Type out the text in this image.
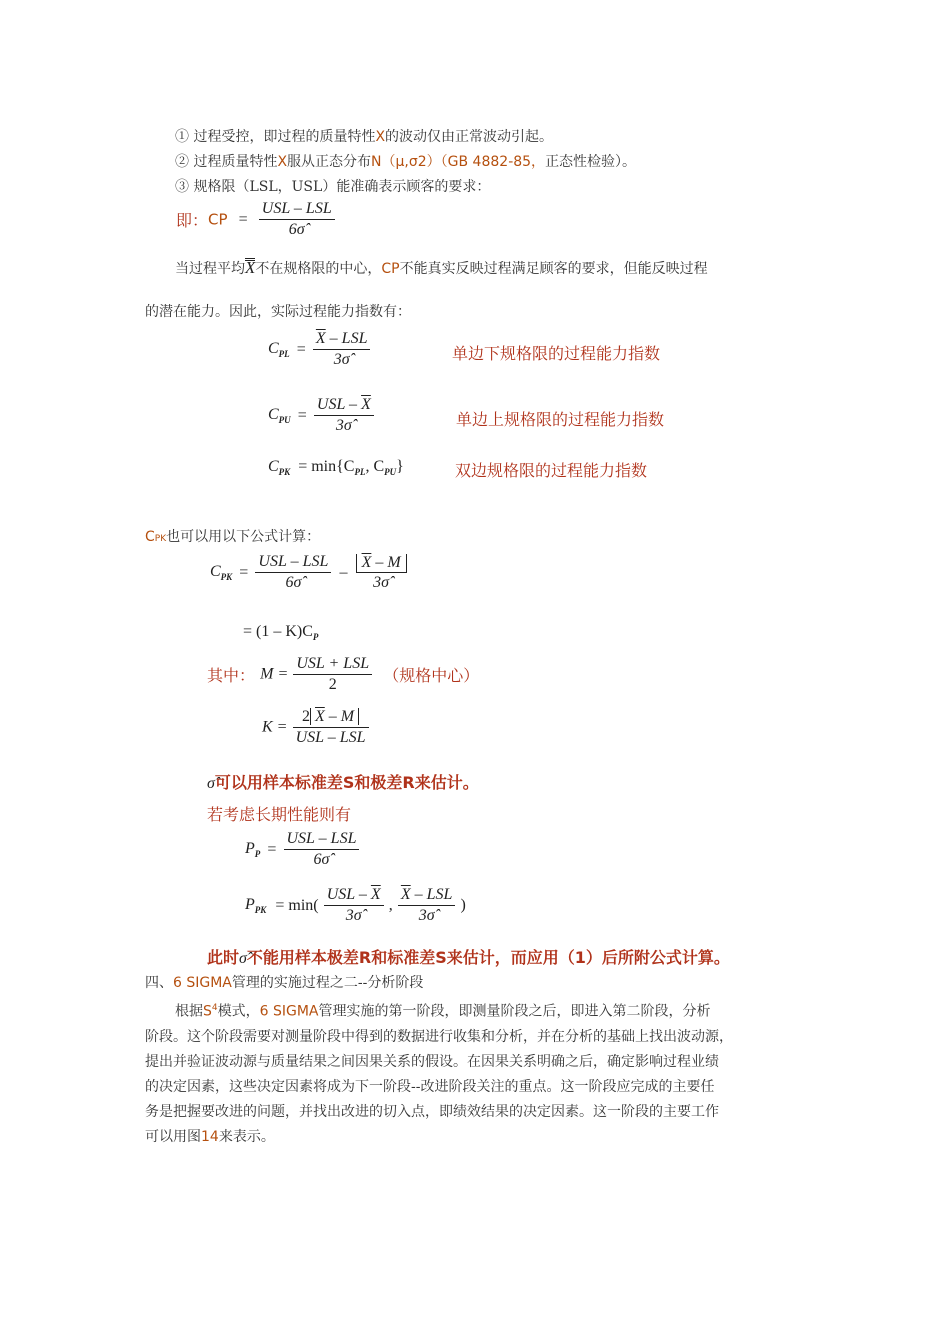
① 过程受控，即过程的质量特性X的波动仅由正常波动引起。
② 过程质量特性X服从正态分布N（μ,σ2）（GB 4882-85，正态性检验）。
③ 规格限（LSL，USL）能准确表示顾客的要求：
即：CP = $\frac{\text{USL – LSL}}{6\sigmâ}$
当过程平均X不在规格限的中心，CP不能真实反映过程满足顾客的要求，但能反映过程
的潜在能力。因此，实际过程能力指数有：
$C_{PL} = \frac{\overline{X} - LSL}{3\sigmâ}$	单边下规格限的过程能力指数
$C_{PU} = \frac{USL - \overline{X}}{3\sigmâ}$	单边上规格限的过程能力指数
$C_{PK} = \min\{C_{PL}$, $C_{PU}$}	双边规格限的过程能力指数
CPK也可以用以下公式计算：
$C_{PK} = \frac{\text{USL – LSL}}{6\sigmâ} - \frac{\overline{X} - M}{3\sigmâ}$
= $(1 - K)C_P$
其中： $M = \frac{\text{USL + LSL}}{2}$ （规格中心）
$K = \frac{2 \overline{X} - M}{\text{USL – LSL}}$
σ̂可以用样本标准差S和极差R来估计。
若考虑长期性能则有
$P_P = \frac{\text{USL – LSL}}{6\sigmâ}$
$P_{PK} = \min( \frac{USL - \overline{X}}{3\sigmâ}$ , $\frac{\overline{X} - LSL}{3\sigmâ}$ )
此时σ̂不能用样本极差R和标准差S来估计，而应用（1）后所附公式计算。
四、6 SIGMA管理的实施过程之二--分析阶段

根据$S^4$模式，6 SIGMA管理实施的第一阶段，即测量阶段之后，即进入第二阶段，分析

阶段。这个阶段需要对测量阶段中得到的数据进行收集和分析，并在分析的基础上找出波动源，

提出并验证波动源与质量结果之间因果关系的假设。在因果关系明确之后，确定影响过程业绩

的决定因素，这些决定因素将成为下一阶段--改进阶段关注的重点。这一阶段应完成的主要任

务是把握要改进的问题，并找出改进的切入点，即绩效结果的决定因素。这一阶段的主要工作

可以用图14来表示。
